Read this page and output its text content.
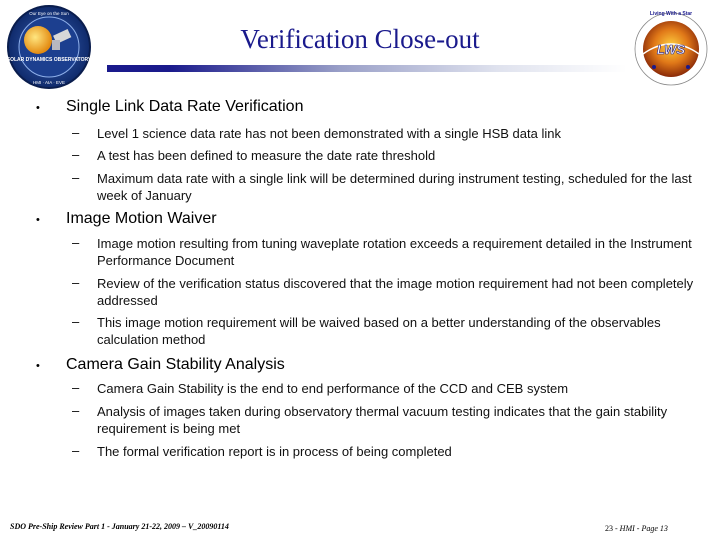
SOLAR DYNAMICS OBSERVATORY
Our Eye on the Sun
HMI · AIA · EVE
Verification Close-out	LWS
Living With a Star
• Single Link Data Rate Verification
– Level 1 science data rate has not been demonstrated with a single HSB data link
– A test has been defined to measure the date rate threshold
– Maximum data rate with a single link will be determined during instrument testing, scheduled for the last week of January
• Image Motion Waiver
– Image motion resulting from tuning waveplate rotation exceeds a requirement detailed in the Instrument Performance Document
– Review of the verification status discovered that the image motion requirement had not been completely addressed
– This image motion requirement will be waived based on a better understanding of the observables calculation method
• Camera Gain Stability Analysis
– Camera Gain Stability is the end to end performance of the CCD and CEB system
– Analysis of images taken during observatory thermal vacuum testing indicates that the gain stability requirement is being met
– The formal verification report is in process of being completed
SDO Pre-Ship Review Part 1 - January 21-22, 2009 – V_20090114	23 - HMI - Page 13
